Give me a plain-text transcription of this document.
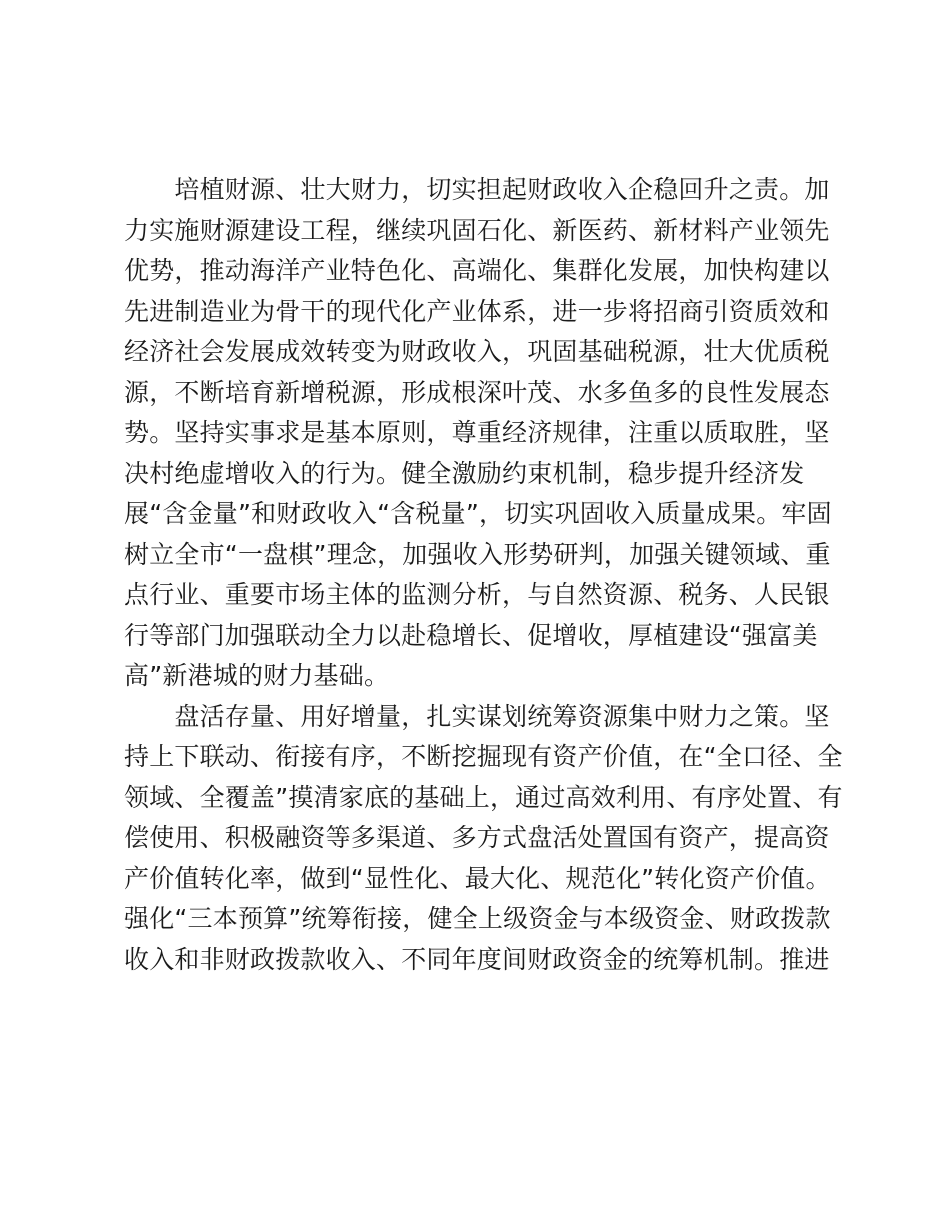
　　培植财源、壮大财力，切实担起财政收入企稳回升之责。加
力实施财源建设工程，继续巩固石化、新医药、新材料产业领先
优势，推动海洋产业特色化、高端化、集群化发展，加快构建以
先进制造业为骨干的现代化产业体系，进一步将招商引资质效和
经济社会发展成效转变为财政收入，巩固基础税源，壮大优质税
源，不断培育新增税源，形成根深叶茂、水多鱼多的良性发展态
势。坚持实事求是基本原则，尊重经济规律，注重以质取胜，坚
决村绝虚增收入的行为。健全激励约束机制，稳步提升经济发
展“含金量”和财政收入“含税量”，切实巩固收入质量成果。牢固
树立全市“一盘棋”理念，加强收入形势研判，加强关键领域、重
点行业、重要市场主体的监测分析，与自然资源、税务、人民银
行等部门加强联动全力以赴稳增长、促增收，厚植建设“强富美
高”新港城的财力基础。
　　盘活存量、用好增量，扎实谋划统筹资源集中财力之策。坚
持上下联动、衔接有序，不断挖掘现有资产价值，在“全口径、全
领域、全覆盖”摸清家底的基础上，通过高效利用、有序处置、有
偿使用、积极融资等多渠道、多方式盘活处置国有资产，提高资
产价值转化率，做到“显性化、最大化、规范化”转化资产价值。
强化“三本预算”统筹衔接，健全上级资金与本级资金、财政拨款
收入和非财政拨款收入、不同年度间财政资金的统筹机制。推进
